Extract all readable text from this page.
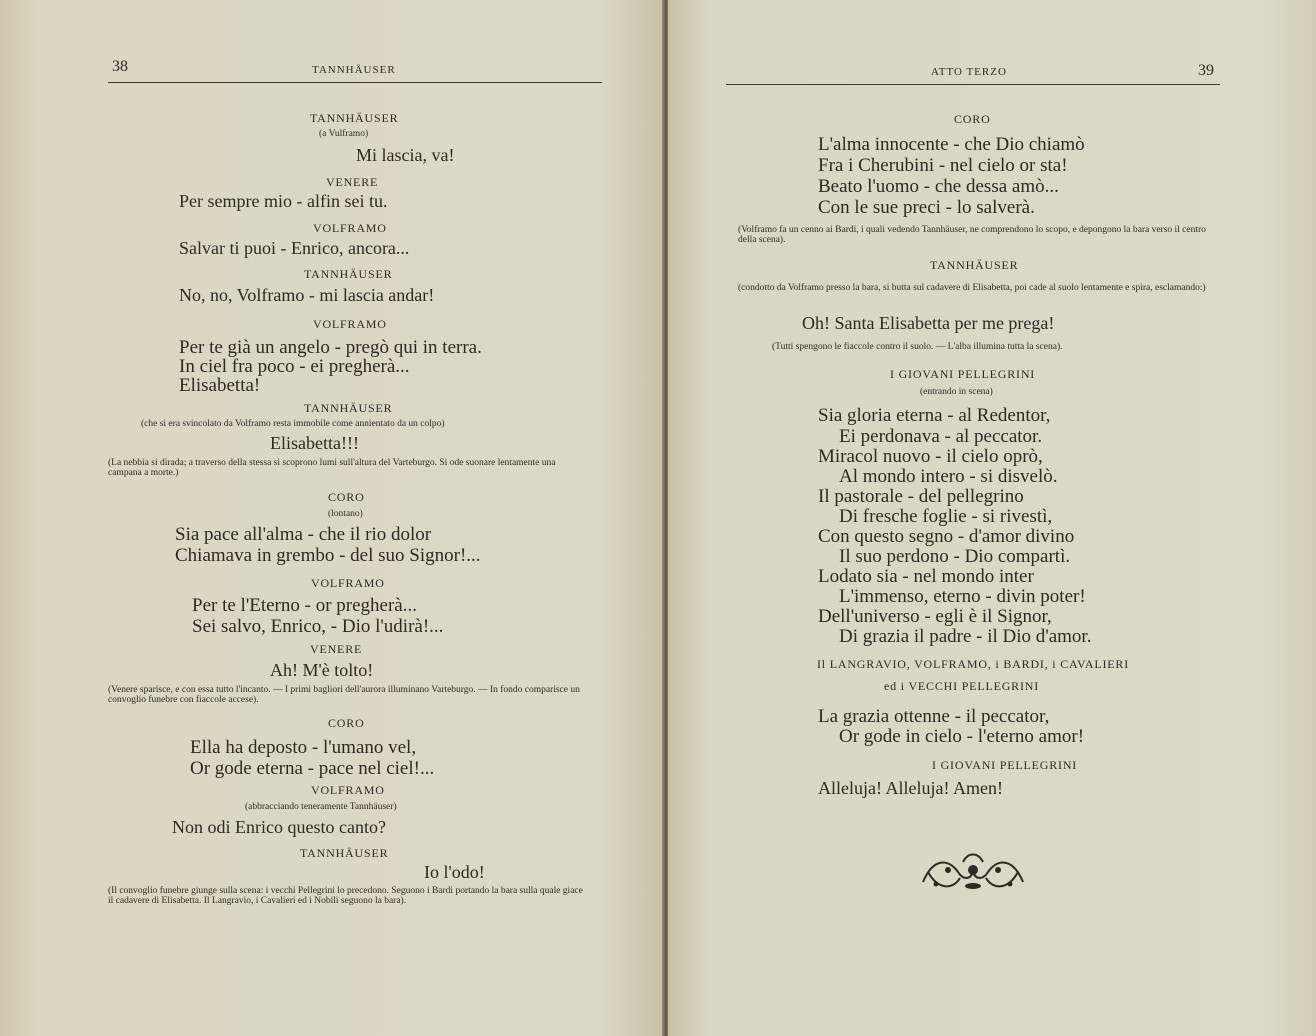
38	TANNHÄUSER
TANNHÄUSER
(a Vulframo)
Mi lascia, va!
VENERE
Per sempre mio - alfin sei tu.
VOLFRAMO
Salvar ti puoi - Enrico, ancora...
TANNHÄUSER
No, no, Volframo - mi lascia andar!
VOLFRAMO
Per te già un angelo - pregò qui in terra.
In ciel fra poco - ei pregherà...
Elisabetta!
TANNHÄUSER
(che si era svincolato da Volframo resta immobile come annientato da un colpo)
Elisabetta!!!
(La nebbia si dirada; a traverso della stessa si scoprono lumi sull'altura del Varteburgo. Si ode suonare lentamente una campana a morte.)
CORO
(lontano)
Sia pace all'alma - che il rio dolor
Chiamava in grembo - del suo Signor!...
VOLFRAMO
Per te l'Eterno - or pregherà...
Sei salvo, Enrico, - Dio l'udirà!...
VENERE
Ah! M'è tolto!
(Venere sparisce, e con essa tutto l'incanto. — I primi bagliori dell'aurora illuminano Varteburgo. — In fondo comparisce un convoglio funebre con fiaccole accese).
CORO
Ella ha deposto - l'umano vel,
Or gode eterna - pace nel ciel!...
VOLFRAMO
(abbracciando teneramente Tannhäuser)
Non odi Enrico questo canto?
TANNHÄUSER
Io l'odo!
(Il convoglio funebre giunge sulla scena: i vecchi Pellegrini lo precedono. Seguono i Bardi portando la bara sulla quale giace il cadavere di Elisabetta. Il Langravio, i Cavalieri ed i Nobili seguono la bara).
ATTO TERZO	39
CORO
L'alma innocente - che Dio chiamò
Fra i Cherubini - nel cielo or sta!
Beato l'uomo - che dessa amò...
Con le sue preci - lo salverà.
(Volframo fa un cenno ai Bardi, i quali vedendo Tannhäuser, ne comprendono lo scopo, e depongono la bara verso il centro della scena).
TANNHÄUSER
(condotto da Volframo presso la bara, si butta sul cadavere di Elisabetta, poi cade al suolo lentamente e spira, esclamando:)
Oh! Santa Elisabetta per me prega!
(Tutti spengono le fiaccole contro il suolo. — L'alba illumina tutta la scena).
I GIOVANI PELLEGRINI
(entrando in scena)
Sia gloria eterna - al Redentor,
Ei perdonava - al peccator.
Miracol nuovo - il cielo oprò,
Al mondo intero - si disvelò.
Il pastorale - del pellegrino
Di fresche foglie - si rivestì,
Con questo segno - d'amor divino
Il suo perdono - Dio compartì.
Lodato sia - nel mondo inter
L'immenso, eterno - divin poter!
Dell'universo - egli è il Signor,
Di grazia il padre - il Dio d'amor.
Il LANGRAVIO, VOLFRAMO, i BARDI, i CAVALIERI
ed i VECCHI PELLEGRINI
La grazia ottenne - il peccator,
Or gode in cielo - l'eterno amor!
I GIOVANI PELLEGRINI
Alleluja! Alleluja! Amen!
